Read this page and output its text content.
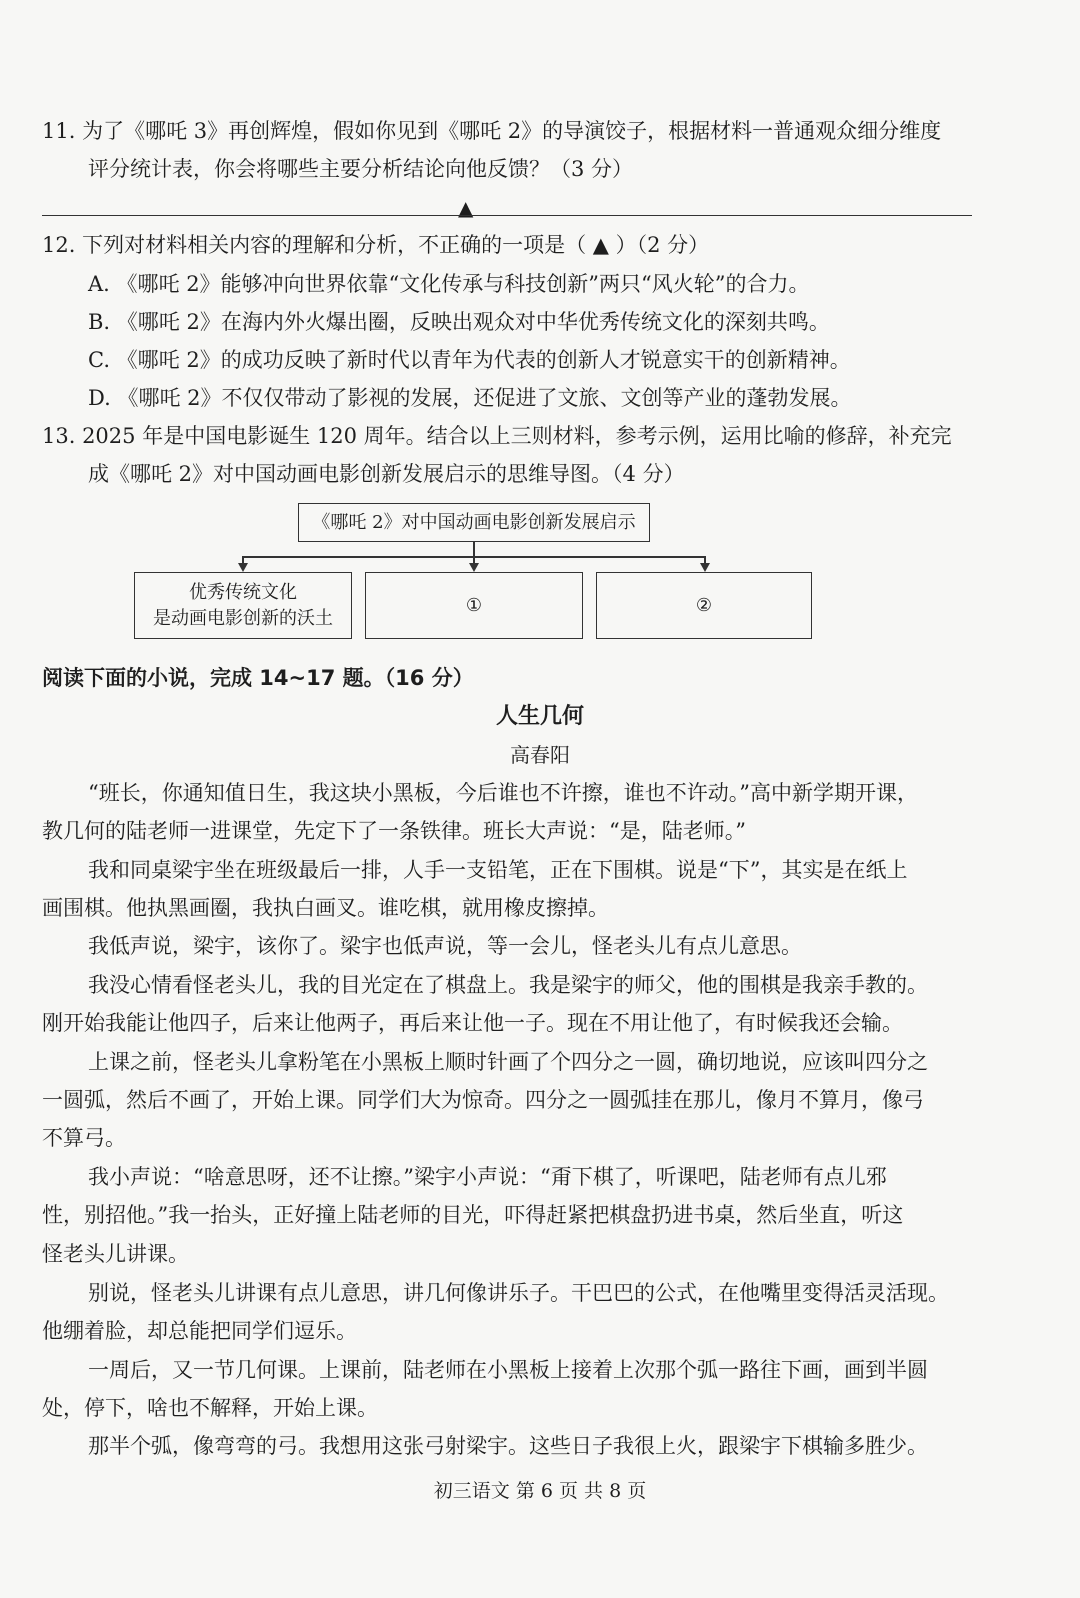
11. 为了《哪吒 3》再创辉煌，假如你见到《哪吒 2》的导演饺子，根据材料一普通观众细分维度
评分统计表，你会将哪些主要分析结论向他反馈？（3 分）
▲
12. 下列对材料相关内容的理解和分析，不正确的一项是（ ▲ ）（2 分）
A. 《哪吒 2》能够冲向世界依靠“文化传承与科技创新”两只“风火轮”的合力。
B. 《哪吒 2》在海内外火爆出圈，反映出观众对中华优秀传统文化的深刻共鸣。
C. 《哪吒 2》的成功反映了新时代以青年为代表的创新人才锐意实干的创新精神。
D. 《哪吒 2》不仅仅带动了影视的发展，还促进了文旅、文创等产业的蓬勃发展。
13. 2025 年是中国电影诞生 120 周年。结合以上三则材料，参考示例，运用比喻的修辞，补充完
成《哪吒 2》对中国动画电影创新发展启示的思维导图。（4 分）
《哪吒 2》对中国动画电影创新发展启示
优秀传统文化
是动画电影创新的沃土
①	②
阅读下面的小说，完成 14~17 题。（16 分）
人生几何
高春阳
“班长，你通知值日生，我这块小黑板，今后谁也不许擦，谁也不许动。”高中新学期开课，
教几何的陆老师一进课堂，先定下了一条铁律。班长大声说：“是，陆老师。”
我和同桌梁宇坐在班级最后一排，人手一支铅笔，正在下围棋。说是“下”，其实是在纸上
画围棋。他执黑画圈，我执白画叉。谁吃棋，就用橡皮擦掉。
我低声说，梁宇，该你了。梁宇也低声说，等一会儿，怪老头儿有点儿意思。
我没心情看怪老头儿，我的目光定在了棋盘上。我是梁宇的师父，他的围棋是我亲手教的。
刚开始我能让他四子，后来让他两子，再后来让他一子。现在不用让他了，有时候我还会输。
上课之前，怪老头儿拿粉笔在小黑板上顺时针画了个四分之一圆，确切地说，应该叫四分之
一圆弧，然后不画了，开始上课。同学们大为惊奇。四分之一圆弧挂在那儿，像月不算月，像弓
不算弓。
我小声说：“啥意思呀，还不让擦。”梁宇小声说：“甭下棋了，听课吧，陆老师有点儿邪
性，别招他。”我一抬头，正好撞上陆老师的目光，吓得赶紧把棋盘扔进书桌，然后坐直，听这
怪老头儿讲课。
别说，怪老头儿讲课有点儿意思，讲几何像讲乐子。干巴巴的公式，在他嘴里变得活灵活现。
他绷着脸，却总能把同学们逗乐。
一周后，又一节几何课。上课前，陆老师在小黑板上接着上次那个弧一路往下画，画到半圆
处，停下，啥也不解释，开始上课。
那半个弧，像弯弯的弓。我想用这张弓射梁宇。这些日子我很上火，跟梁宇下棋输多胜少。
初三语文 第 6 页 共 8 页
